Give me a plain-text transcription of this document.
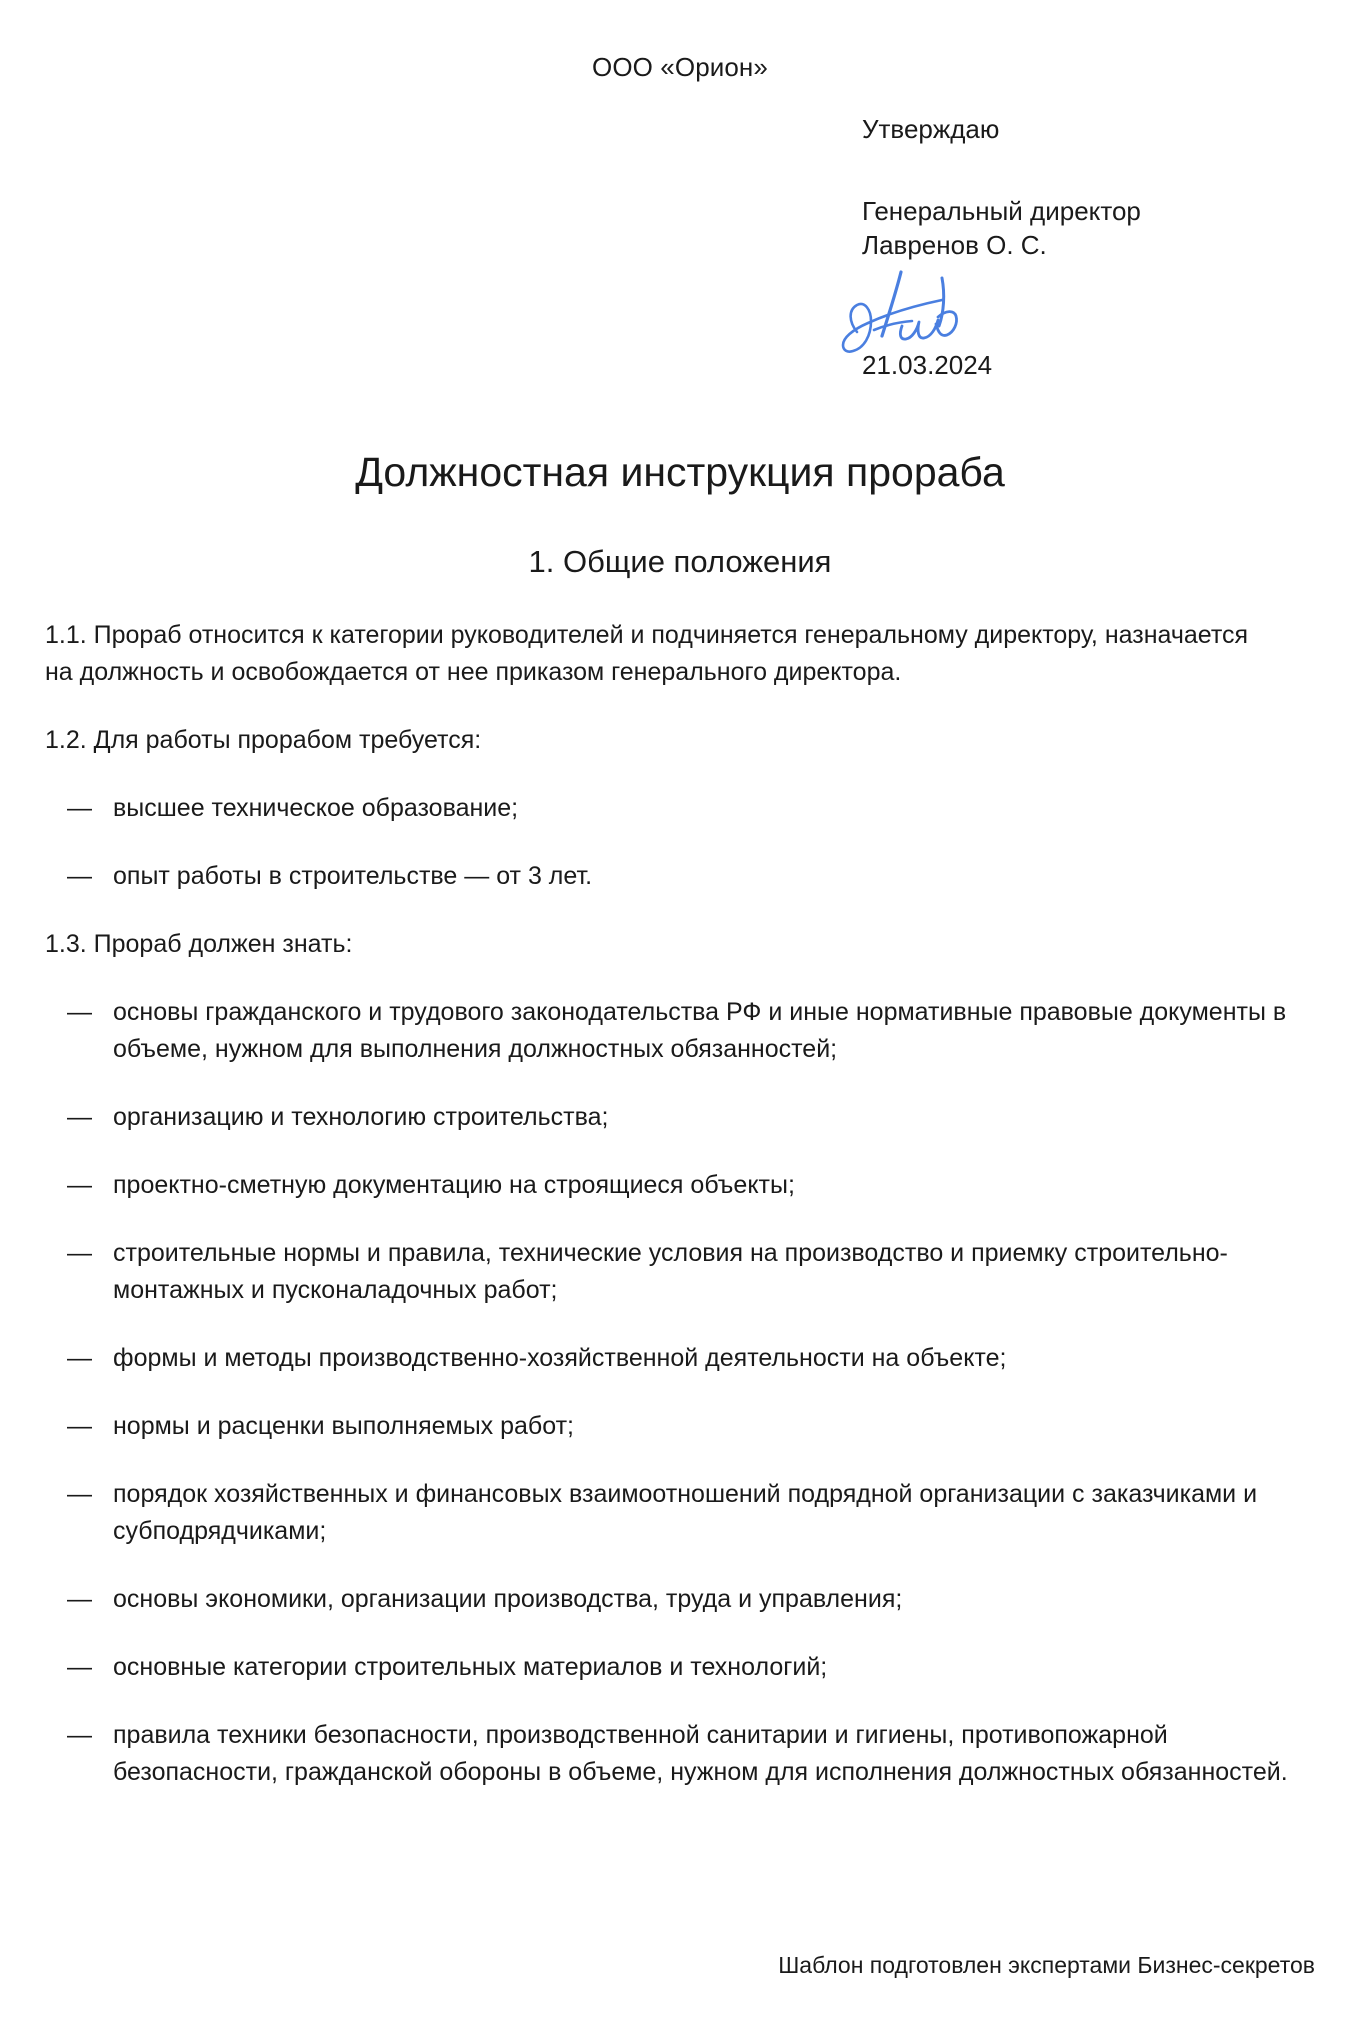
ООО «Орион»

Утверждаю

Генеральный директор

Лавренов О. С.

21.03.2024

Должностная инструкция прораба
1. Общие положения

1.1. Прораб относится к категории руководителей и подчиняется генеральному директору, назначается на должность и освобождается от нее приказом генерального директора.

1.2. Для работы прорабом требуется:

— высшее техническое образование;
— опыт работы в строительстве — от 3 лет.

1.3. Прораб должен знать:

— основы гражданского и трудового законодательства РФ и иные нормативные правовые документы в объеме, нужном для выполнения должностных обязанностей;
— организацию и технологию строительства;
— проектно-сметную документацию на строящиеся объекты;
— строительные нормы и правила, технические условия на производство и приемку строительно-монтажных и пусконаладочных работ;
— формы и методы производственно-хозяйственной деятельности на объекте;
— нормы и расценки выполняемых работ;
— порядок хозяйственных и финансовых взаимоотношений подрядной организации с заказчиками и субподрядчиками;
— основы экономики, организации производства, труда и управления;
— основные категории строительных материалов и технологий;
— правила техники безопасности, производственной санитарии и гигиены, противопожарной безопасности, гражданской обороны в объеме, нужном для исполнения должностных обязанностей.

Шаблон подготовлен экспертами Бизнес-секретов
